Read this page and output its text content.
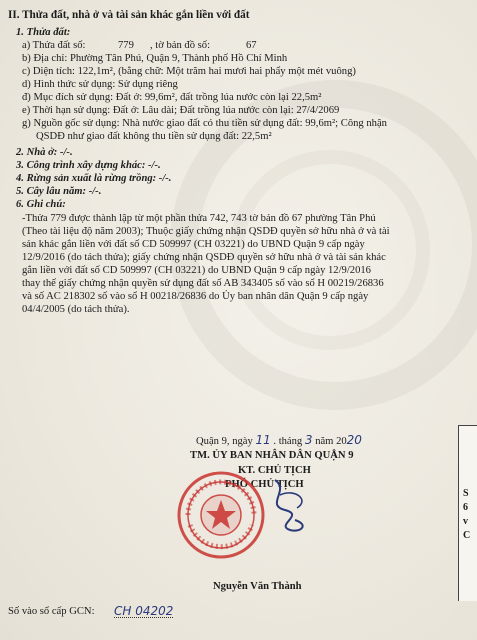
II. Thửa đất, nhà ở và tài sản khác gắn liền với đất
1. Thửa đất:
a) Thửa đất số:	779 , tờ bản đồ số:	67
b) Địa chỉ: Phường Tân Phú, Quận 9, Thành phố Hồ Chí Minh
c) Diện tích: 122,1m², (bằng chữ: Một trăm hai mươi hai phẩy một mét vuông)
d) Hình thức sử dụng: Sử dụng riêng
đ) Mục đích sử dụng: Đất ở: 99,6m², đất trồng lúa nước còn lại 22,5m²
e) Thời hạn sử dụng: Đất ở: Lâu dài; Đất trồng lúa nước còn lại: 27/4/2069
g) Nguồn gốc sử dụng: Nhà nước giao đất có thu tiền sử dụng đất: 99,6m²; Công nhận
QSDĐ như giao đất không thu tiền sử dụng đất: 22,5m²
2. Nhà ở: -/-.
3. Công trình xây dựng khác: -/-.
4. Rừng sản xuất là rừng trồng: -/-.
5. Cây lâu năm: -/-.
6. Ghi chú:
-Thửa 779 được thành lập từ một phần thửa 742, 743 tờ bản đồ 67 phường Tân Phú
(Theo tài liệu độ năm 2003); Thuộc giấy chứng nhận QSDĐ quyền sở hữu nhà ở và tài
sản khác gắn liền với đất số CD 509997 (CH 03221) do UBND Quận 9 cấp ngày
12/9/2016 (do tách thửa); giấy chứng nhận QSDĐ quyền sở hữu nhà ở và tài sản khác
gắn liền với đất số CD 509997 (CH 03221) do UBND Quận 9 cấp ngày 12/9/2016
thay thế giấy chứng nhận quyền sử dụng đất số AB 343405 số vào sổ H 00219/26836
và số AC 218302 số vào sổ H 00218/26836 do Ủy ban nhân dân Quận 9 cấp ngày
04/4/2005 (do tách thửa).
Quận 9, ngày 11 . tháng 3 năm 2020
TM. ỦY BAN NHÂN DÂN QUẬN 9
KT. CHỦ TỊCH
PHÓ CHỦ TỊCH
Nguyễn Văn Thành
Số vào sổ cấp GCN: CH 04202
S
6
v
C
